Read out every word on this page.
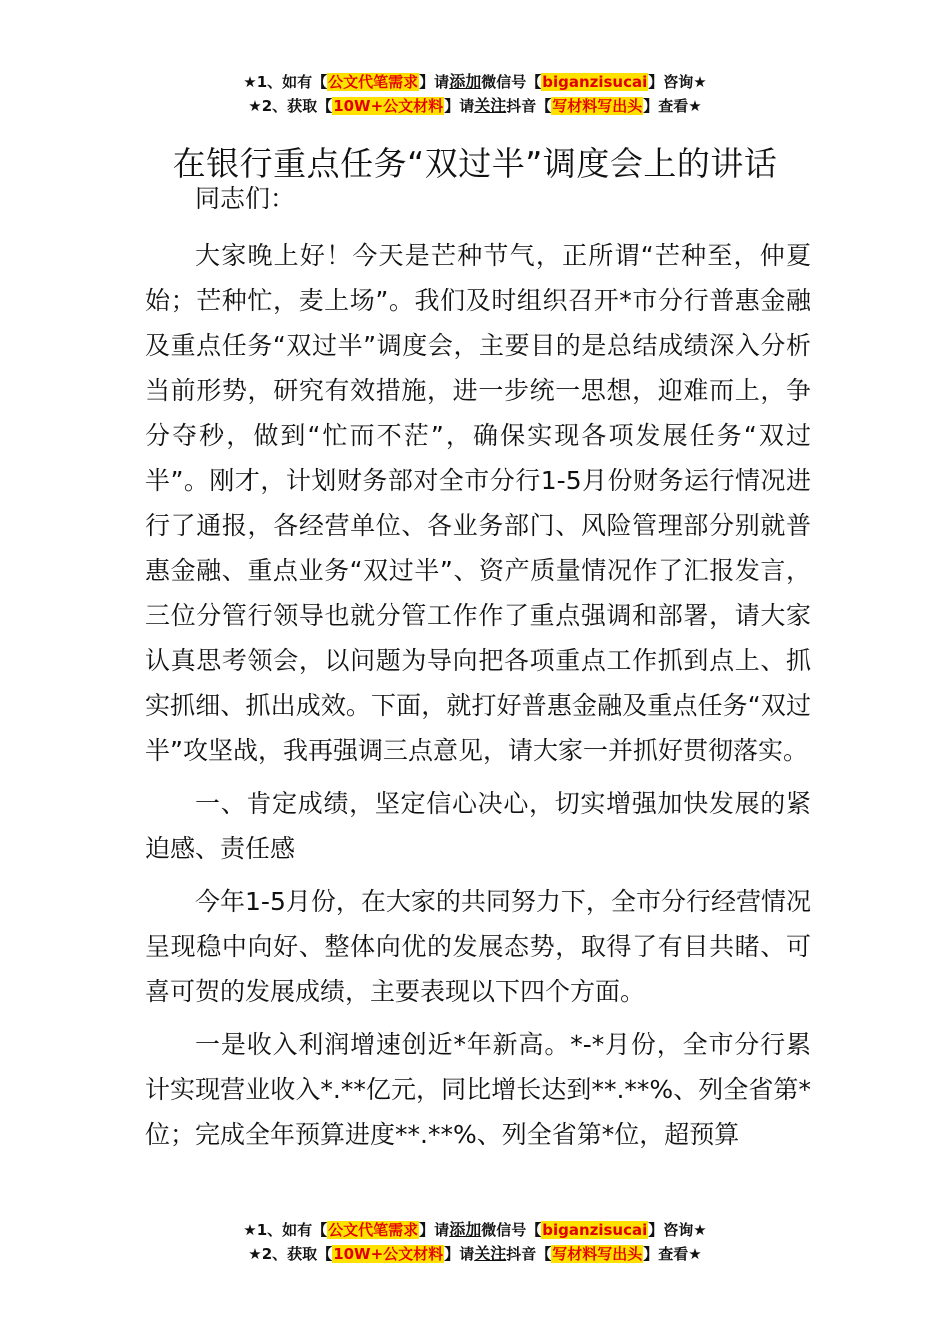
★1、如有【公文代笔需求】请添加微信号【biganzisucai】咨询★
★2、获取【10W+公文材料】请关注抖音【写材料写出头】查看★
在银行重点任务“双过半”调度会上的讲话

同志们：

大家晚上好！今天是芒种节气，正所谓“芒种至，仲夏始；芒种忙，麦上场”。我们及时组织召开*市分行普惠金融及重点任务“双过半”调度会，主要目的是总结成绩深入分析当前形势，研究有效措施，进一步统一思想，迎难而上，争分夺秒，做到“忙而不茫”，确保实现各项发展任务“双过半”。刚才，计划财务部对全市分行1-5月份财务运行情况进行了通报，各经营单位、各业务部门、风险管理部分别就普惠金融、重点业务“双过半”、资产质量情况作了汇报发言，三位分管行领导也就分管工作作了重点强调和部署，请大家认真思考领会，以问题为导向把各项重点工作抓到点上、抓实抓细、抓出成效。下面，就打好普惠金融及重点任务“双过半”攻坚战，我再强调三点意见，请大家一并抓好贯彻落实。

一、肯定成绩，坚定信心决心，切实增强加快发展的紧迫感、责任感

今年1-5月份，在大家的共同努力下，全市分行经营情况呈现稳中向好、整体向优的发展态势，取得了有目共睹、可喜可贺的发展成绩，主要表现以下四个方面。

一是收入利润增速创近*年新高。*-*月份，全市分行累计实现营业收入*.**亿元，同比增长达到**.**%、列全省第*位；完成全年预算进度**.**%、列全省第*位，超预算

★1、如有【公文代笔需求】请添加微信号【biganzisucai】咨询★
★2、获取【10W+公文材料】请关注抖音【写材料写出头】查看★
